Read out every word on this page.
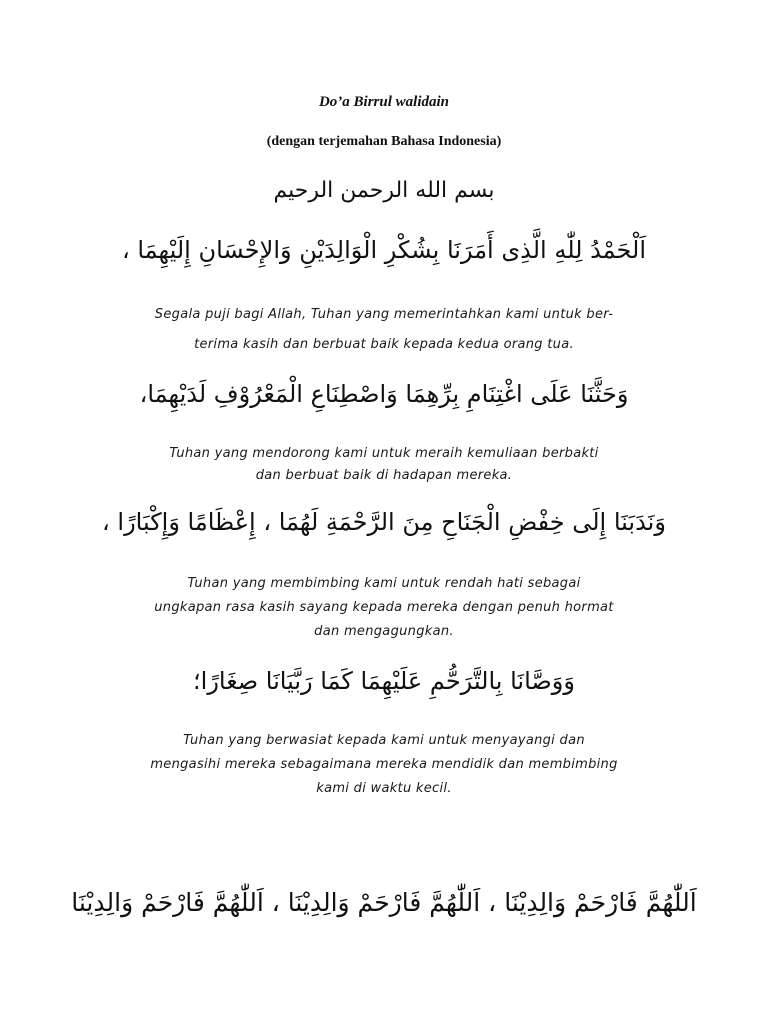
Do’a Birrul walidain
(dengan terjemahan Bahasa Indonesia)
بسم الله الرحمن الرحيم
اَلْحَمْدُ لِلّٰهِ الَّذِى أَمَرَنَا بِشُكْرِ الْوَالِدَيْنِ وَالإِحْسَانِ إِلَيْهِمَا ،
Segala puji bagi Allah, Tuhan yang memerintahkan kami untuk ber-
terima kasih dan berbuat baik kepada kedua orang tua.
وَحَثَّنَا عَلَى اغْتِنَامِ بِرِّهِمَا وَاصْطِنَاعِ الْمَعْرُوْفِ لَدَيْهِمَا،
Tuhan yang mendorong kami untuk meraih kemuliaan berbakti
dan berbuat baik di hadapan mereka.
وَنَدَبَنَا إِلَى خِفْضِ الْجَنَاحِ مِنَ الرَّحْمَةِ لَهُمَا ، إِعْظَامًا وَإِكْبَارًا ،
Tuhan yang membimbing kami untuk rendah hati sebagai
ungkapan rasa kasih sayang kepada mereka dengan penuh hormat
dan mengagungkan.
وَوَصَّانَا بِالتَّرَحُّمِ عَلَيْهِمَا كَمَا رَبَّيَانَا صِغَارًا؛
Tuhan yang berwasiat kepada kami untuk menyayangi dan
mengasihi mereka sebagaimana mereka mendidik dan membimbing
kami di waktu kecil.
اَللّٰهُمَّ فَارْحَمْ وَالِدِيْنَا ، اَللّٰهُمَّ فَارْحَمْ وَالِدِيْنَا ، اَللّٰهُمَّ فَارْحَمْ وَالِدِيْنَا
